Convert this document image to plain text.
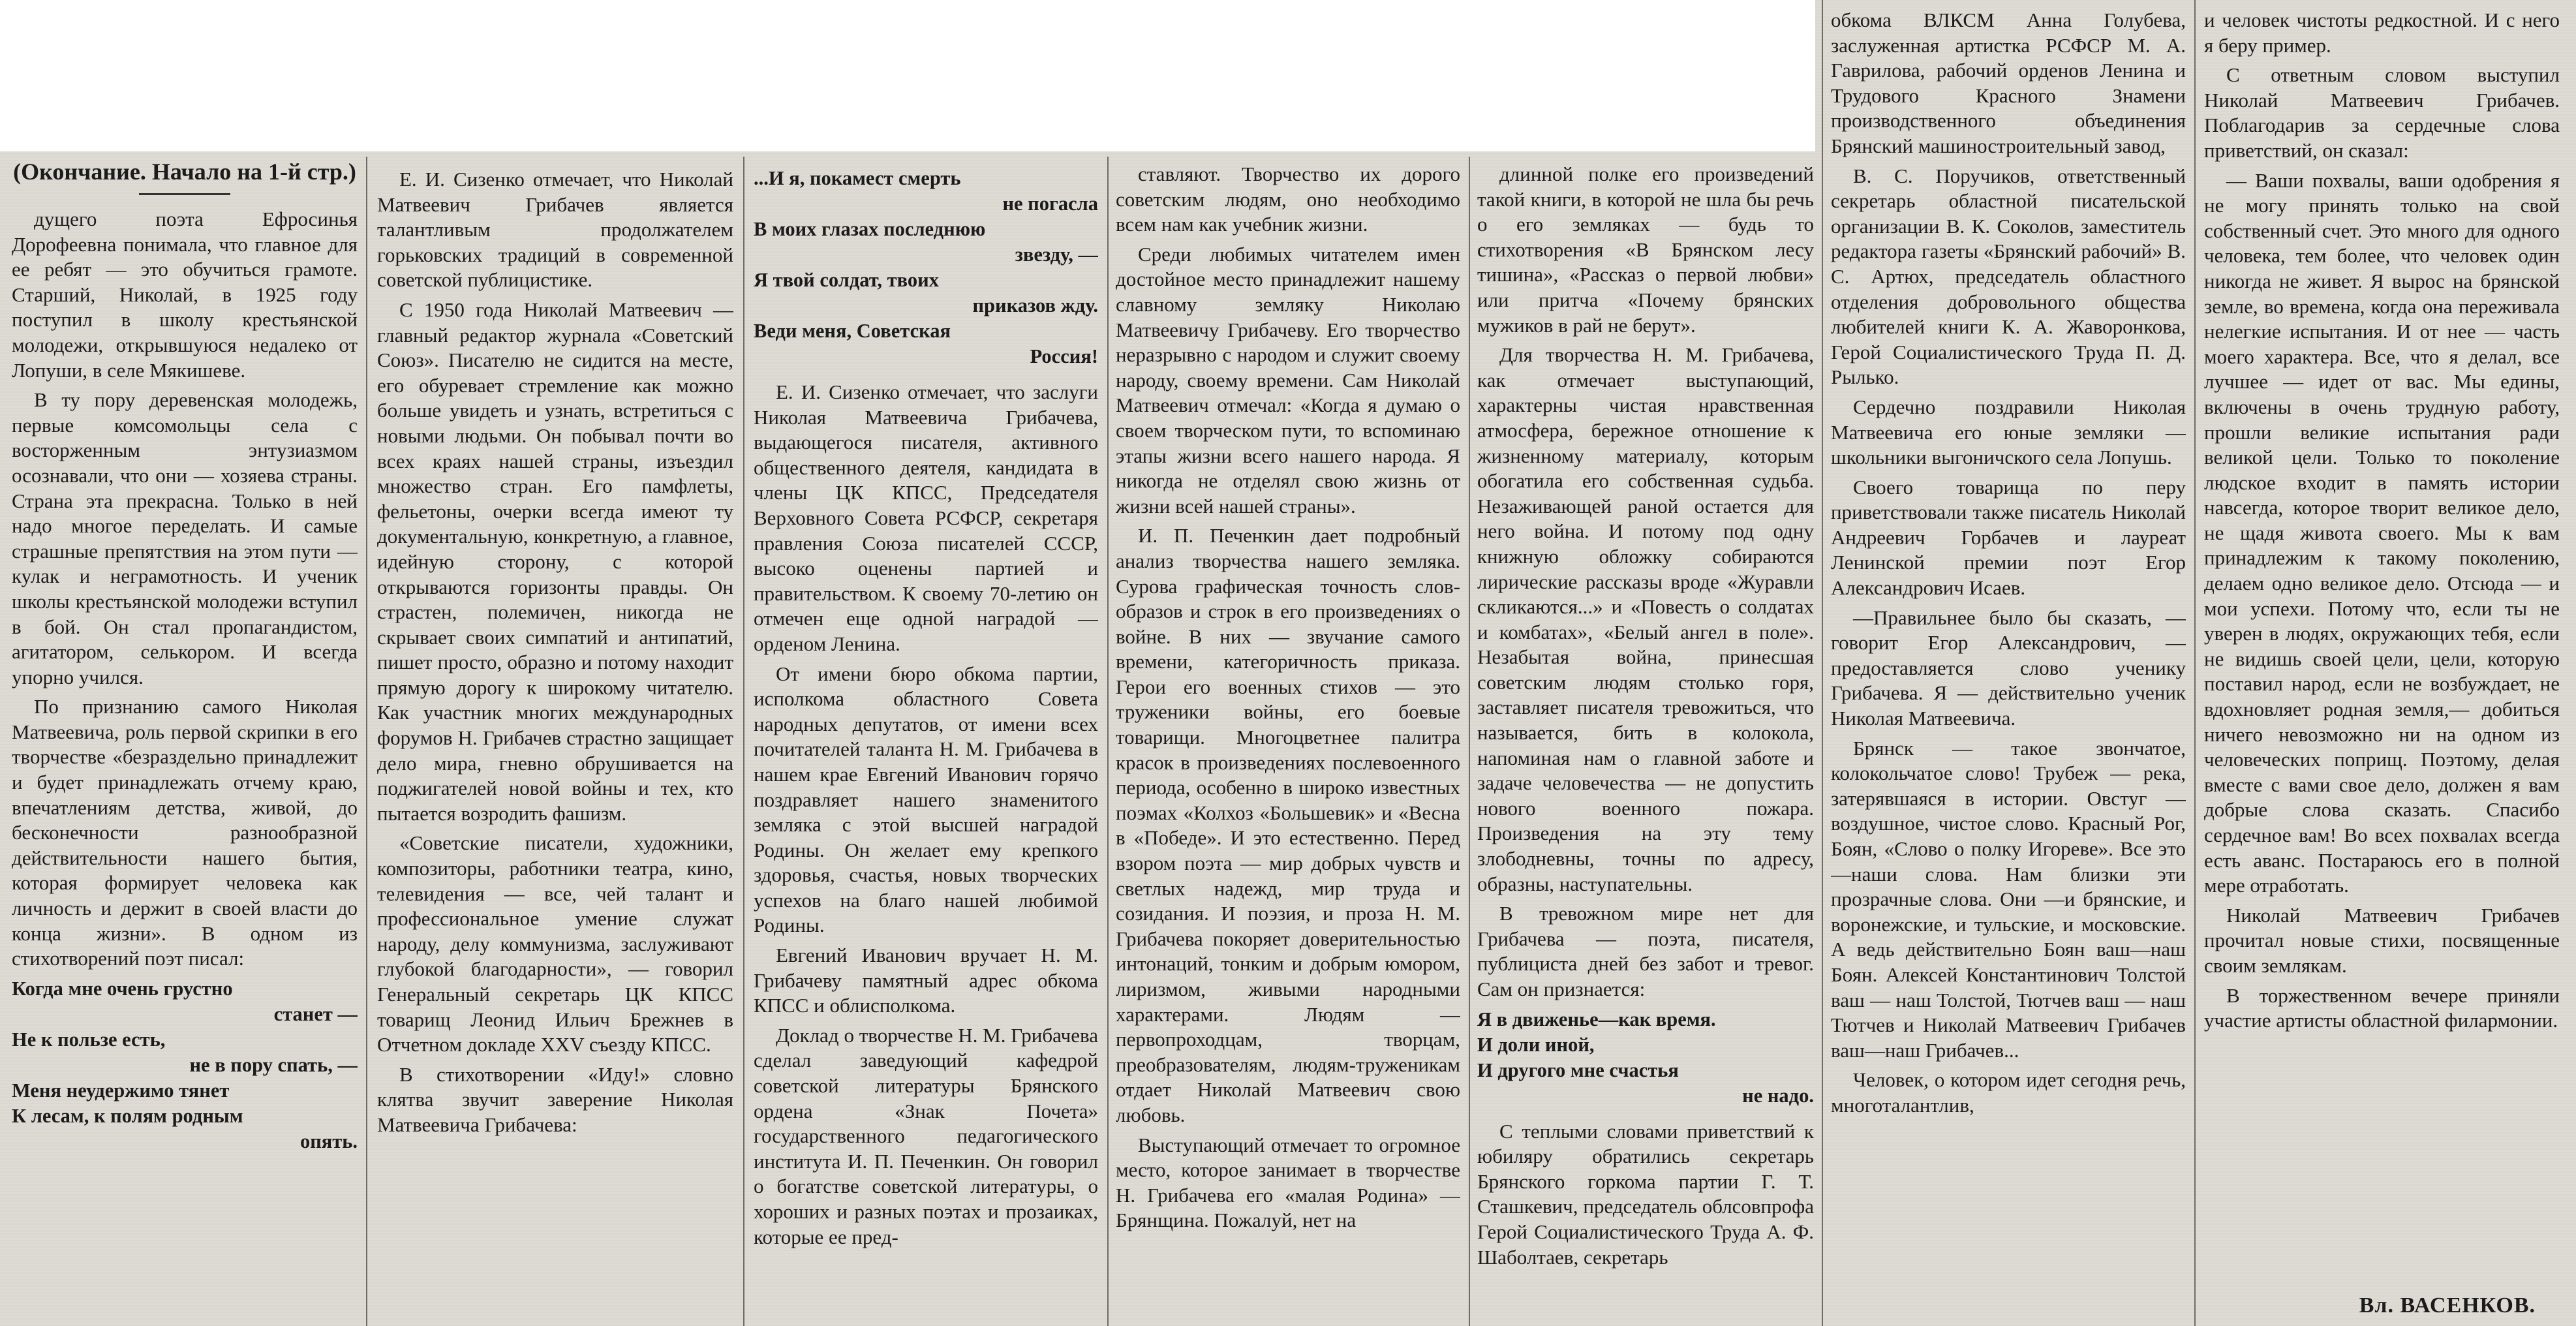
(Окончание. Начало на 1-й стр.)

дущего поэта Ефросинья Дорофеевна понимала, что главное для ее ребят — это обучиться грамоте. Старший, Николай, в 1925 году поступил в школу крестьянской молодежи, открывшуюся недалеко от Лопуши, в селе Мякишеве.

В ту пору деревенская молодежь, первые комсомольцы села с восторженным энтузиазмом осознавали, что они — хозяева страны. Страна эта прекрасна. Только в ней надо многое переделать. И самые страшные препятствия на этом пути — кулак и неграмотность. И ученик школы крестьянской молодежи вступил в бой. Он стал пропагандистом, агитатором, селькором. И всегда упорно учился.

По признанию самого Николая Матвеевича, роль первой скрипки в его творчестве «безраздельно принадлежит и будет принадлежать отчему краю, впечатлениям детства, живой, до бесконечности разнообразной действительности нашего бытия, которая формирует человека как личность и держит в своей власти до конца жизни». В одном из стихотворений поэт писал:

Когда мне очень грустно

станет —

Не к пользе есть,

не в пору спать, —

Меня неудержимо тянет

К лесам, к полям родным

опять.

Е. И. Сизенко отмечает, что Николай Матвеевич Грибачев является талантливым продолжателем горьковских традиций в современной советской публицистике.

С 1950 года Николай Матвеевич — главный редактор журнала «Советский Союз». Писателю не сидится на месте, его обуревает стремление как можно больше увидеть и узнать, встретиться с новыми людьми. Он побывал почти во всех краях нашей страны, изъездил множество стран. Его памфлеты, фельетоны, очерки всегда имеют ту документальную, конкретную, а главное, идейную сторону, с которой открываются горизонты правды. Он страстен, полемичен, никогда не скрывает своих симпатий и антипатий, пишет просто, образно и потому находит прямую дорогу к широкому читателю. Как участник многих международных форумов Н. Грибачев страстно защищает дело мира, гневно обрушивается на поджигателей новой войны и тех, кто пытается возродить фашизм.

«Советские писатели, художники, композиторы, работники театра, кино, телевидения — все, чей талант и профессиональное умение служат народу, делу коммунизма, заслуживают глубокой благодарности», — говорил Генеральный секретарь ЦК КПСС товарищ Леонид Ильич Брежнев в Отчетном докладе XXV съезду КПСС.

В стихотворении «Иду!» словно клятва звучит заверение Николая Матвеевича Грибачева:

...И я, покамест смерть

не погасла

В моих глазах последнюю

звезду, —

Я твой солдат, твоих

приказов жду.

Веди меня, Советская

Россия!

Е. И. Сизенко отмечает, что заслуги Николая Матвеевича Грибачева, выдающегося писателя, активного общественного деятеля, кандидата в члены ЦК КПСС, Председателя Верховного Совета РСФСР, секретаря правления Союза писателей СССР, высоко оценены партией и правительством. К своему 70-летию он отмечен еще одной наградой — орденом Ленина.

От имени бюро обкома партии, исполкома областного Совета народных депутатов, от имени всех почитателей таланта Н. М. Грибачева в нашем крае Евгений Иванович горячо поздравляет нашего знаменитого земляка с этой высшей наградой Родины. Он желает ему крепкого здоровья, счастья, новых творческих успехов на благо нашей любимой Родины.

Евгений Иванович вручает Н. М. Грибачеву памятный адрес обкома КПСС и облисполкома.

Доклад о творчестве Н. М. Грибачева сделал заведующий кафедрой советской литературы Брянского ордена «Знак Почета» государственного педагогического института И. П. Печенкин. Он говорил о богатстве советской литературы, о хороших и разных поэтах и прозаиках, которые ее пред-

ставляют. Творчество их дорого советским людям, оно необходимо всем нам как учебник жизни.

Среди любимых читателем имен достойное место принадлежит нашему славному земляку Николаю Матвеевичу Грибачеву. Его творчество неразрывно с народом и служит своему народу, своему времени. Сам Николай Матвеевич отмечал: «Когда я думаю о своем творческом пути, то вспоминаю этапы жизни всего нашего народа. Я никогда не отделял свою жизнь от жизни всей нашей страны».

И. П. Печенкин дает подробный анализ творчества нашего земляка. Сурова графическая точность слов-образов и строк в его произведениях о войне. В них — звучание самого времени, категоричность приказа. Герои его военных стихов — это труженики войны, его боевые товарищи. Многоцветнее палитра красок в произведениях послевоенного периода, особенно в широко известных поэмах «Колхоз «Большевик» и «Весна в «Победе». И это естественно. Перед взором поэта — мир добрых чувств и светлых надежд, мир труда и созидания. И поэзия, и проза Н. М. Грибачева покоряет доверительностью интонаций, тонким и добрым юмором, лиризмом, живыми народными характерами. Людям — первопроходцам, творцам, преобразователям, людям-труженикам отдает Николай Матвеевич свою любовь.

Выступающий отмечает то огромное место, которое занимает в творчестве Н. Грибачева его «малая Родина» — Брянщина. Пожалуй, нет на

длинной полке его произведений такой книги, в которой не шла бы речь о его земляках — будь то стихотворения «В Брянском лесу тишина», «Рассказ о первой любви» или притча «Почему брянских мужиков в рай не берут».

Для творчества Н. М. Грибачева, как отмечает выступающий, характерны чистая нравственная атмосфера, бережное отношение к жизненному материалу, которым обогатила его собственная судьба. Незаживающей раной остается для него война. И потому под одну книжную обложку собираются лирические рассказы вроде «Журавли скликаются...» и «Повесть о солдатах и комбатах», «Белый ангел в поле». Незабытая война, принесшая советским людям столько горя, заставляет писателя тревожиться, что называется, бить в колокола, напоминая нам о главной заботе и задаче человечества — не допустить нового военного пожара. Произведения на эту тему злободневны, точны по адресу, образны, наступательны.

В тревожном мире нет для Грибачева — поэта, писателя, публициста дней без забот и тревог. Сам он признается:

Я в движенье—как время.

И доли иной,

И другого мне счастья

не надо.

С теплыми словами приветствий к юбиляру обратились секретарь Брянского горкома партии Г. Т. Сташкевич, председатель облсовпрофа Герой Социалистического Труда А. Ф. Шаболтаев, секретарь

обкома ВЛКСМ Анна Голубева, заслуженная артистка РСФСР М. А. Гаврилова, рабочий орденов Ленина и Трудового Красного Знамени производственного объединения Брянский машиностроительный завод,

В. С. Поручиков, ответственный секретарь областной писательской организации В. К. Соколов, заместитель редактора газеты «Брянский рабочий» В. С. Артюх, председатель областного отделения добровольного общества любителей книги К. А. Жаворонкова, Герой Социалистического Труда П. Д. Рылько.

Сердечно поздравили Николая Матвеевича его юные земляки — школьники выгоничского села Лопушь.

Своего товарища по перу приветствовали также писатель Николай Андреевич Горбачев и лауреат Ленинской премии поэт Егор Александрович Исаев.

—Правильнее было бы сказать, — говорит Егор Александрович, — предоставляется слово ученику Грибачева. Я — действительно ученик Николая Матвеевича.

Брянск — такое звончатое, колокольчатое слово! Трубеж — река, затерявшаяся в истории. Овстуг — воздушное, чистое слово. Красный Рог, Боян, «Слово о полку Игореве». Все это—наши слова. Нам близки эти прозрачные слова. Они —и брянские, и воронежские, и тульские, и московские. А ведь действительно Боян ваш—наш Боян. Алексей Константинович Толстой ваш — наш Толстой, Тютчев ваш — наш Тютчев и Николай Матвеевич Грибачев ваш—наш Грибачев...

Человек, о котором идет сегодня речь, многоталантлив,

и человек чистоты редкостной. И с него я беру пример.

С ответным словом выступил Николай Матвеевич Грибачев. Поблагодарив за сердечные слова приветствий, он сказал:

— Ваши похвалы, ваши одобрения я не могу принять только на свой собственный счет. Это много для одного человека, тем более, что человек один никогда не живет. Я вырос на брянской земле, во времена, когда она переживала нелегкие испытания. И от нее — часть моего характера. Все, что я делал, все лучшее — идет от вас. Мы едины, включены в очень трудную работу, прошли великие испытания ради великой цели. Только то поколение людское входит в память истории навсегда, которое творит великое дело, не щадя живота своего. Мы к вам принадлежим к такому поколению, делаем одно великое дело. Отсюда — и мои успехи. Потому что, если ты не уверен в людях, окружающих тебя, если не видишь своей цели, цели, которую поставил народ, если не возбуждает, не вдохновляет родная земля,— добиться ничего невозможно ни на одном из человеческих поприщ. Поэтому, делая вместе с вами свое дело, должен я вам добрые слова сказать. Спасибо сердечное вам! Во всех похвалах всегда есть аванс. Постараюсь его в полной мере отработать.

Николай Матвеевич Грибачев прочитал новые стихи, посвященные своим землякам.

В торжественном вечере приняли участие артисты областной филармонии.

Вл. ВАСЕНКОВ.
